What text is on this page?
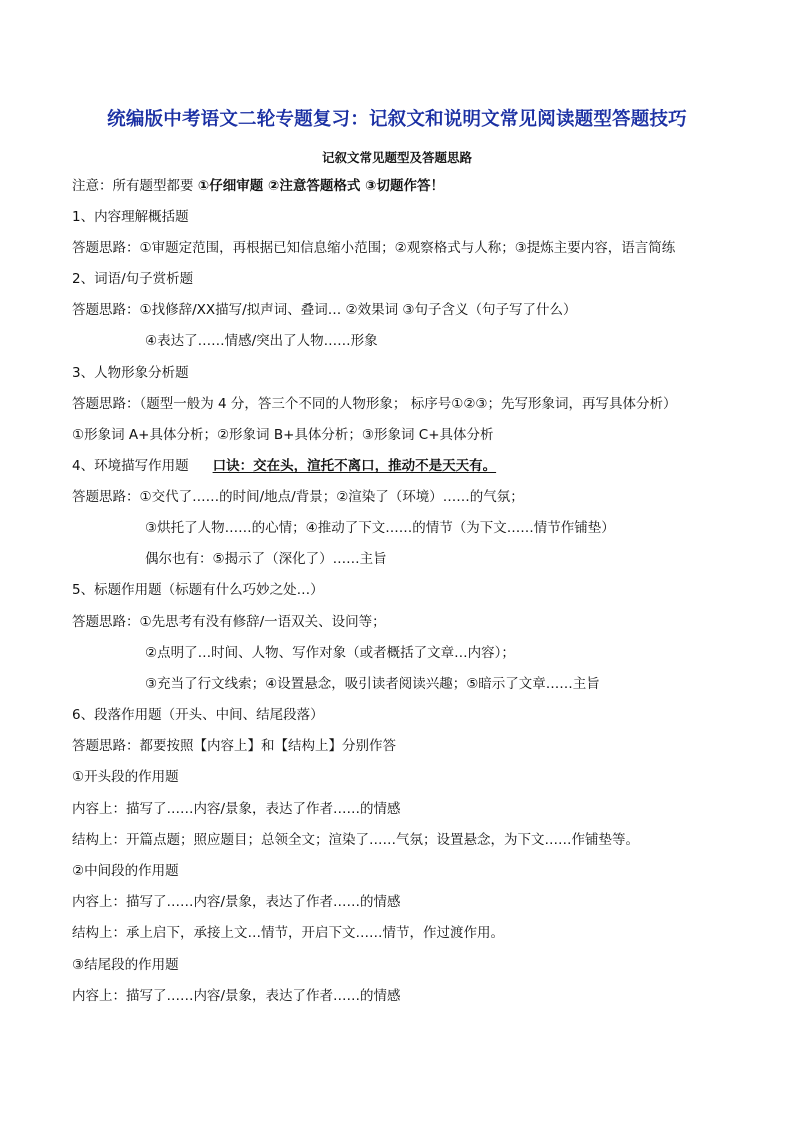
统编版中考语文二轮专题复习：记叙文和说明文常见阅读题型答题技巧
记叙文常见题型及答题思路
注意：所有题型都要 ①仔细审题 ②注意答题格式 ③切题作答！
1、内容理解概括题
答题思路：①审题定范围，再根据已知信息缩小范围；②观察格式与人称；③提炼主要内容，语言简练
2、词语/句子赏析题
答题思路：①找修辞/XX描写/拟声词、叠词… ②效果词 ③句子含义（句子写了什么）
④表达了……情感/突出了人物……形象
3、人物形象分析题
答题思路：（题型一般为 4 分，答三个不同的人物形象； 标序号①②③；先写形象词，再写具体分析）
①形象词 A+具体分析；②形象词 B+具体分析；③形象词 C+具体分析
4、环境描写作用题 口诀：交在头，渲托不离口，推动不是天天有。
答题思路：①交代了……的时间/地点/背景；②渲染了（环境）……的气氛；
③烘托了人物……的心情；④推动了下文……的情节（为下文……情节作铺垫）
偶尔也有：⑤揭示了（深化了）……主旨
5、标题作用题（标题有什么巧妙之处…）
答题思路：①先思考有没有修辞/一语双关、设问等；
②点明了…时间、人物、写作对象（或者概括了文章…内容）；
③充当了行文线索；④设置悬念，吸引读者阅读兴趣；⑤暗示了文章……主旨
6、段落作用题（开头、中间、结尾段落）
答题思路：都要按照【内容上】和【结构上】分别作答
①开头段的作用题
内容上：描写了……内容/景象，表达了作者……的情感
结构上：开篇点题；照应题目；总领全文；渲染了……气氛；设置悬念，为下文……作铺垫等。
②中间段的作用题
内容上：描写了……内容/景象，表达了作者……的情感
结构上：承上启下，承接上文…情节，开启下文……情节，作过渡作用。
③结尾段的作用题
内容上：描写了……内容/景象，表达了作者……的情感
